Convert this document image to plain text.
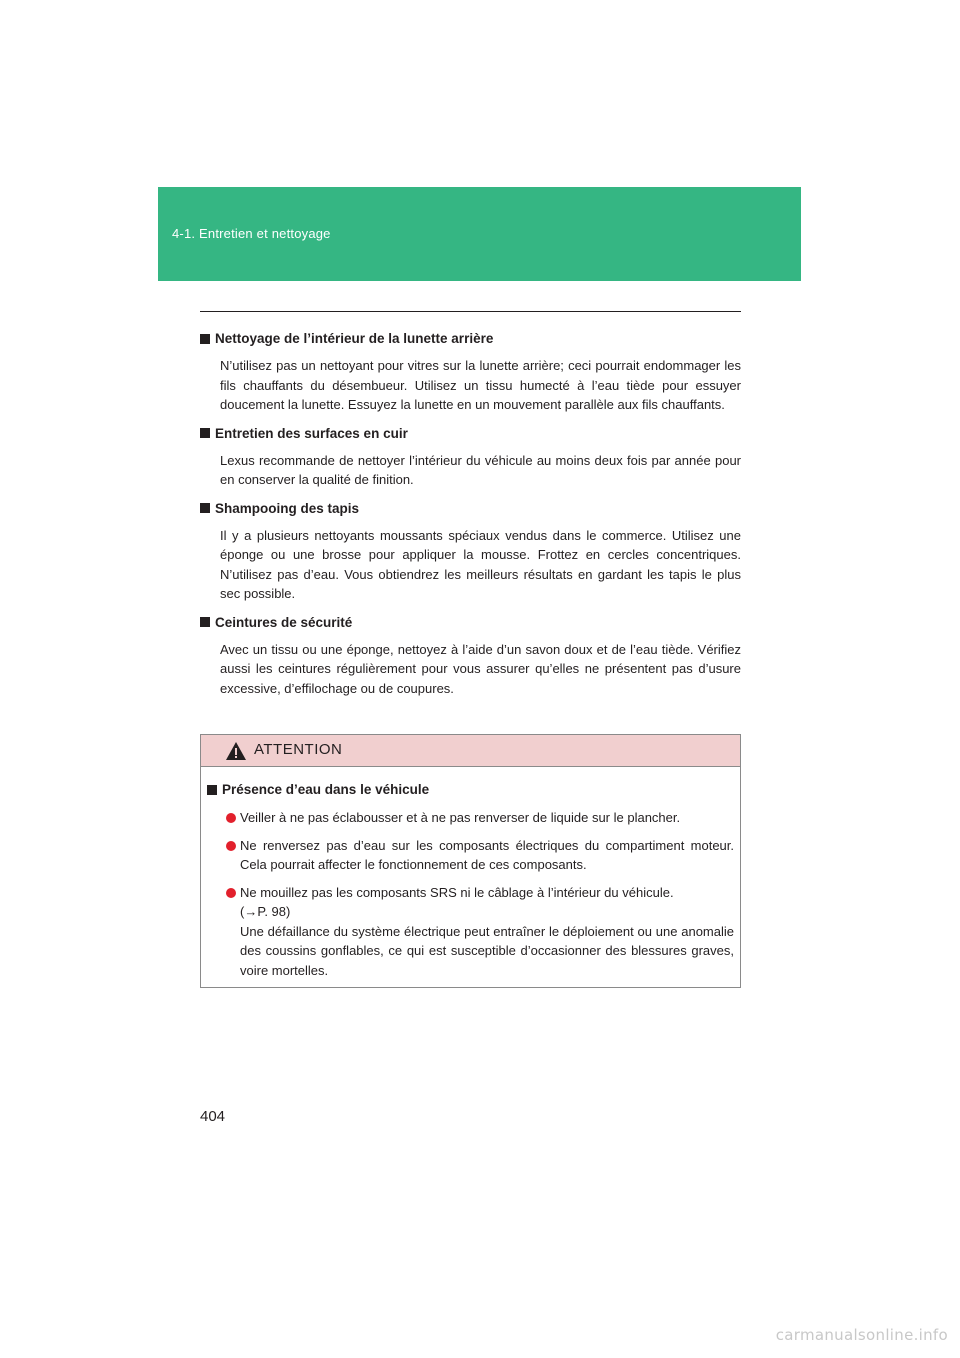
4-1. Entretien et nettoyage
Nettoyage de l’intérieur de la lunette arrière

N’utilisez pas un nettoyant pour vitres sur la lunette arrière; ceci pourrait endommager les fils chauffants du désembueur. Utilisez un tissu humecté à l’eau tiède pour essuyer doucement la lunette. Essuyez la lunette en un mouvement parallèle aux fils chauffants.

Entretien des surfaces en cuir

Lexus recommande de nettoyer l’intérieur du véhicule au moins deux fois par année pour en conserver la qualité de finition.

Shampooing des tapis

Il y a plusieurs nettoyants moussants spéciaux vendus dans le commerce. Utilisez une éponge ou une brosse pour appliquer la mousse. Frottez en cercles concentriques. N’utilisez pas d’eau. Vous obtiendrez les meilleurs résultats en gardant les tapis le plus sec possible.

Ceintures de sécurité

Avec un tissu ou une éponge, nettoyez à l’aide d’un savon doux et de l’eau tiède. Vérifiez aussi les ceintures régulièrement pour vous assurer qu’elles ne présentent pas d’usure excessive, d’effilochage ou de coupures.

ATTENTION
Présence d’eau dans le véhicule
Veiller à ne pas éclabousser et à ne pas renverser de liquide sur le plancher.
Ne renversez pas d’eau sur les composants électriques du compartiment moteur. Cela pourrait affecter le fonctionnement de ces composants.
Ne mouillez pas les composants SRS ni le câblage à l’intérieur du véhicule.
(→P. 98)
Une défaillance du système électrique peut entraîner le déploiement ou une anomalie des coussins gonflables, ce qui est susceptible d’occasionner des blessures graves, voire mortelles.
404
carmanualsonline.info
